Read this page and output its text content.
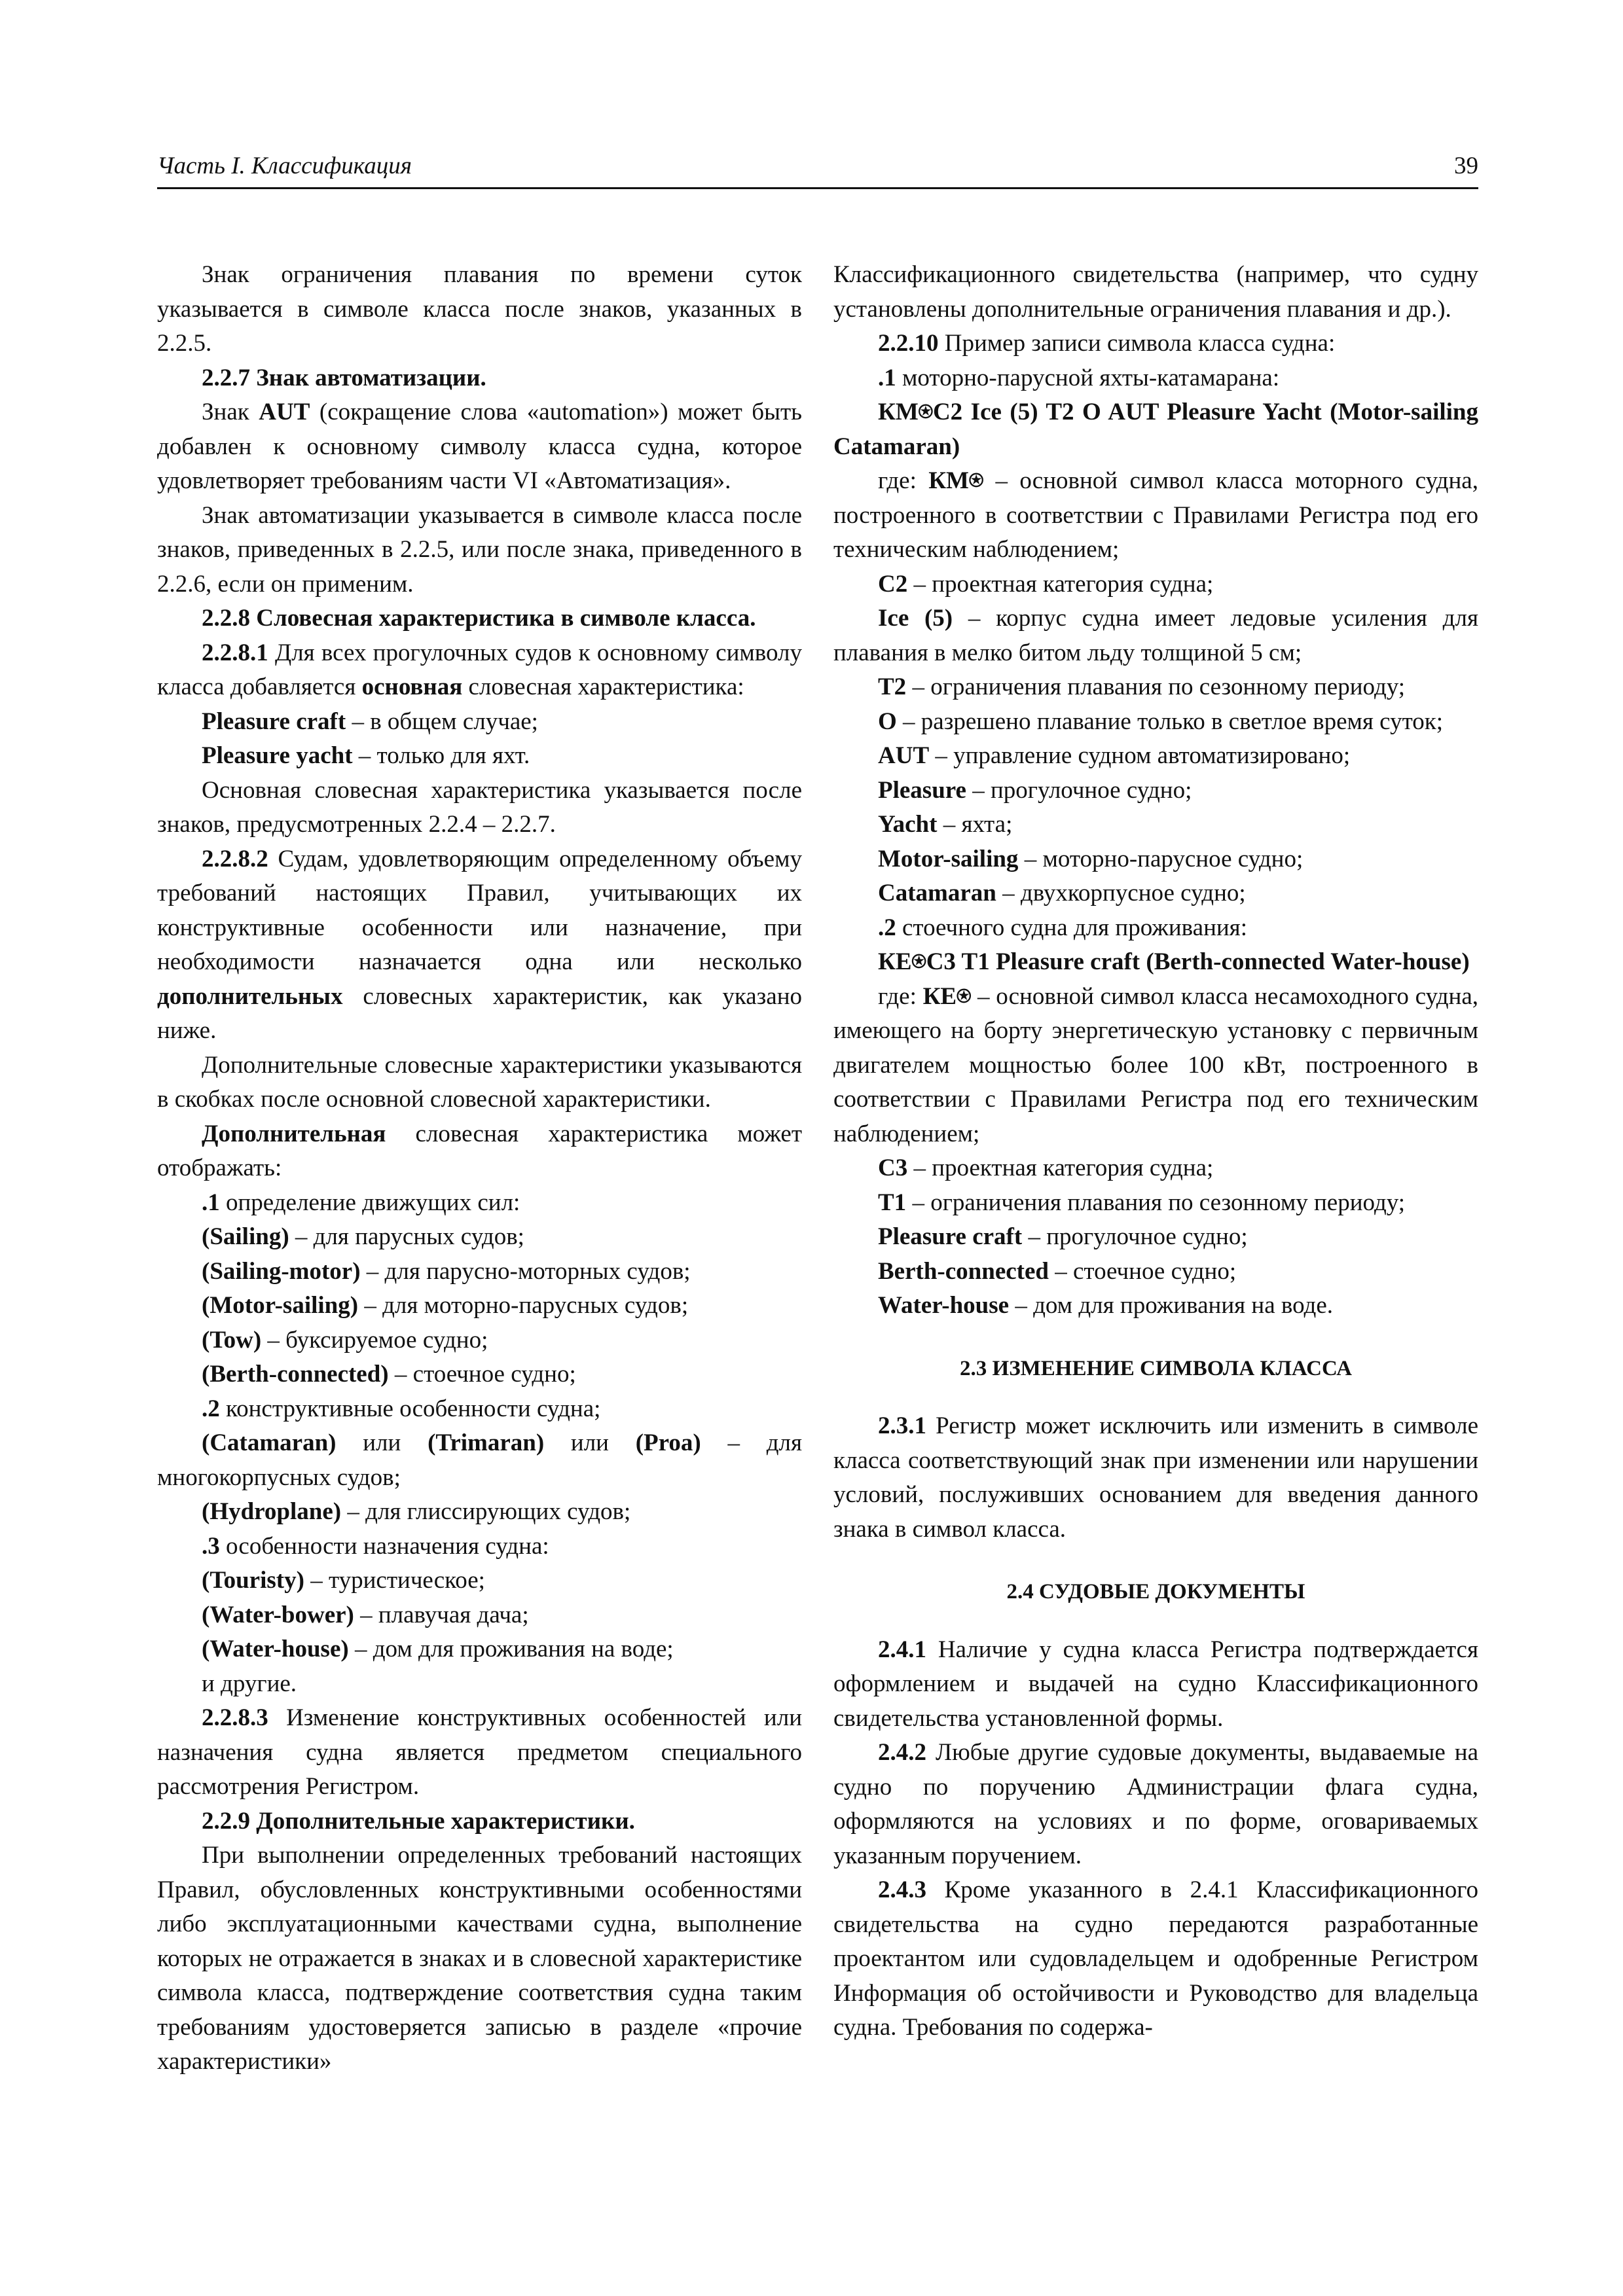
Часть I. Классификация	39

Знак ограничения плавания по времени суток указывается в символе класса после знаков, указанных в 2.2.5.

2.2.7 Знак автоматизации.

Знак AUT (сокращение слова «automation») может быть добавлен к основному символу класса судна, которое удовлетворяет требованиям части VI «Автоматизация».

Знак автоматизации указывается в символе класса после знаков, приведенных в 2.2.5, или после знака, приведенного в 2.2.6, если он применим.

2.2.8 Словесная характеристика в символе класса.

2.2.8.1 Для всех прогулочных судов к основному символу класса добавляется основная словесная характеристика:

Pleasure craft – в общем случае;

Pleasure yacht – только для яхт.

Основная словесная характеристика указывается после знаков, предусмотренных 2.2.4 – 2.2.7.

2.2.8.2 Судам, удовлетворяющим определенному объему требований настоящих Правил, учитывающих их конструктивные особенности или назначение, при необходимости назначается одна или несколько дополнительных словесных характеристик, как указано ниже.

Дополнительные словесные характеристики указываются в скобках после основной словесной характеристики.

Дополнительная словесная характеристика может отображать:

.1 определение движущих сил:

(Sailing) – для парусных судов;

(Sailing-motor) – для парусно-моторных судов;

(Motor-sailing) – для моторно-парусных судов;

(Tow) – буксируемое судно;

(Berth-connected) – стоечное судно;

.2 конструктивные особенности судна;

(Catamaran) или (Trimaran) или (Proa) – для многокорпусных судов;

(Hydroplane) – для глиссирующих судов;

.3 особенности назначения судна:

(Touristy) – туристическое;

(Water-bower) – плавучая дача;

(Water-house) – дом для проживания на воде;

и другие.

2.2.8.3 Изменение конструктивных особенностей или назначения судна является предметом специального рассмотрения Регистром.

2.2.9 Дополнительные характеристики.

При выполнении определенных требований настоящих Правил, обусловленных конструктивными особенностями либо эксплуатационными качествами судна, выполнение которых не отражается в знаках и в словесной характеристике символа класса, подтверждение соответствия судна таким требованиям удостоверяется записью в разделе «прочие характеристики»

Классификационного свидетельства (например, что судну установлены дополнительные ограничения плавания и др.).

2.2.10 Пример записи символа класса судна:

.1 моторно-парусной яхты-катамарана:

КМ⍟C2 Ice (5) T2 O AUT Pleasure Yacht (Motor-sailing Catamaran)

где: КМ⍟ – основной символ класса моторного судна, построенного в соответствии с Правилами Регистра под его техническим наблюдением;

C2 – проектная категория судна;

Ice (5) – корпус судна имеет ледовые усиления для плавания в мелко битом льду толщиной 5 см;

T2 – ограничения плавания по сезонному периоду;

O – разрешено плавание только в светлое время суток;

AUT – управление судном автоматизировано;

Pleasure – прогулочное судно;

Yacht – яхта;

Motor-sailing – моторно-парусное судно;

Catamaran – двухкорпусное судно;

.2 стоечного судна для проживания:

КЕ⍟C3 T1 Pleasure craft (Berth-connected Water-house)

где: КЕ⍟ – основной символ класса несамоходного судна, имеющего на борту энергетическую установку с первичным двигателем мощностью более 100 кВт, построенного в соответствии с Правилами Регистра под его техническим наблюдением;

C3 – проектная категория судна;

T1 – ограничения плавания по сезонному периоду;

Pleasure craft – прогулочное судно;

Berth-connected – стоечное судно;

Water-house – дом для проживания на воде.

2.3 ИЗМЕНЕНИЕ СИМВОЛА КЛАССА

2.3.1 Регистр может исключить или изменить в символе класса соответствующий знак при изменении или нарушении условий, послуживших основанием для введения данного знака в символ класса.

2.4 СУДОВЫЕ ДОКУМЕНТЫ

2.4.1 Наличие у судна класса Регистра подтверждается оформлением и выдачей на судно Классификационного свидетельства установленной формы.

2.4.2 Любые другие судовые документы, выдаваемые на судно по поручению Администрации флага судна, оформляются на условиях и по форме, оговариваемых указанным поручением.

2.4.3 Кроме указанного в 2.4.1 Классификационного свидетельства на судно передаются разработанные проектантом или судовладельцем и одобренные Регистром Информация об остойчивости и Руководство для владельца судна. Требования по содержа-
